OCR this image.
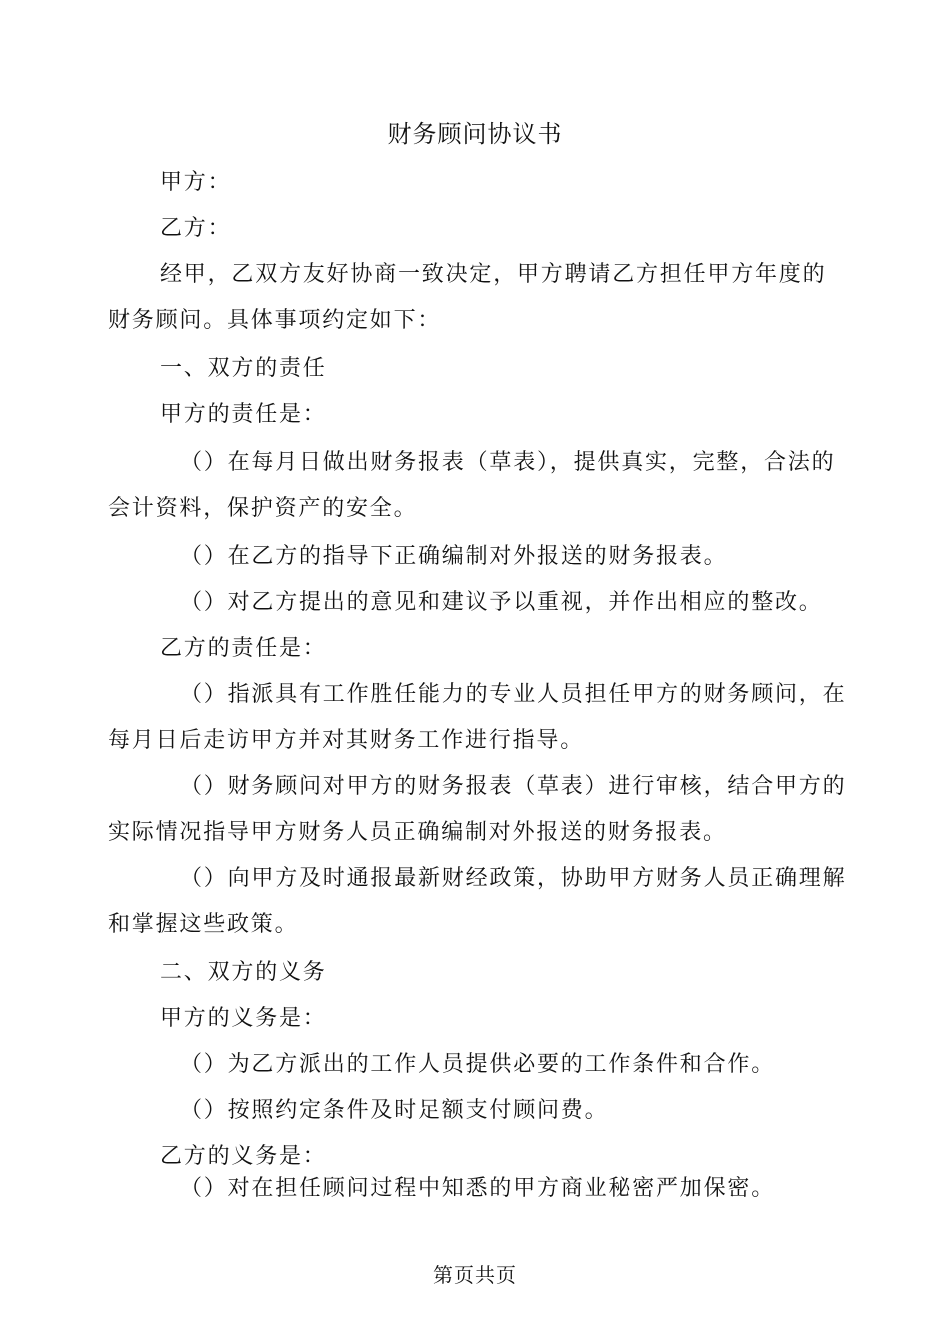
财务顾问协议书
甲方：
乙方：
经甲，乙双方友好协商一致决定，甲方聘请乙方担任甲方年度的
财务顾问。具体事项约定如下：
一、双方的责任
甲方的责任是：
（）在每月日做出财务报表（草表），提供真实，完整，合法的
会计资料，保护资产的安全。
（）在乙方的指导下正确编制对外报送的财务报表。
（）对乙方提出的意见和建议予以重视，并作出相应的整改。
乙方的责任是：
（）指派具有工作胜任能力的专业人员担任甲方的财务顾问，在
每月日后走访甲方并对其财务工作进行指导。
（）财务顾问对甲方的财务报表（草表）进行审核，结合甲方的
实际情况指导甲方财务人员正确编制对外报送的财务报表。
（）向甲方及时通报最新财经政策，协助甲方财务人员正确理解
和掌握这些政策。
二、双方的义务
甲方的义务是：
（）为乙方派出的工作人员提供必要的工作条件和合作。
（）按照约定条件及时足额支付顾问费。
乙方的义务是：
（）对在担任顾问过程中知悉的甲方商业秘密严加保密。
第页共页
